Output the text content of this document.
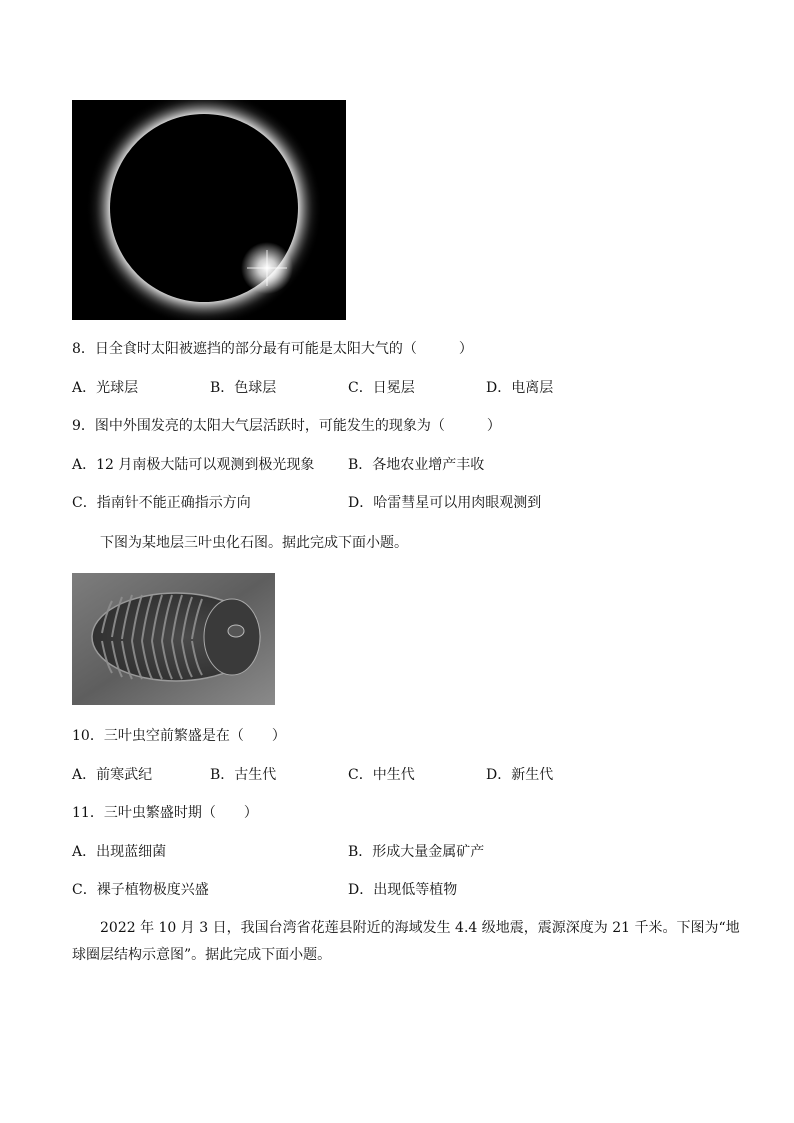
8．日全食时太阳被遮挡的部分最有可能是太阳大气的（　　　）
A．光球层	B．色球层	C．日冕层	D．电离层
9．图中外围发亮的太阳大气层活跃时，可能发生的现象为（　　　）
A．12 月南极大陆可以观测到极光现象 B．各地农业增产丰收
C．指南针不能正确指示方向	D．哈雷彗星可以用肉眼观测到
下图为某地层三叶虫化石图。据此完成下面小题。
10．三叶虫空前繁盛是在（　　）
A．前寒武纪	B．古生代	C．中生代	D．新生代
11．三叶虫繁盛时期（　　）
A．出现蓝细菌	B．形成大量金属矿产
C．裸子植物极度兴盛	D．出现低等植物
2022 年 10 月 3 日，我国台湾省花莲县附近的海域发生 4.4 级地震，震源深度为 21 千米。下图为“地
球圈层结构示意图”。据此完成下面小题。
